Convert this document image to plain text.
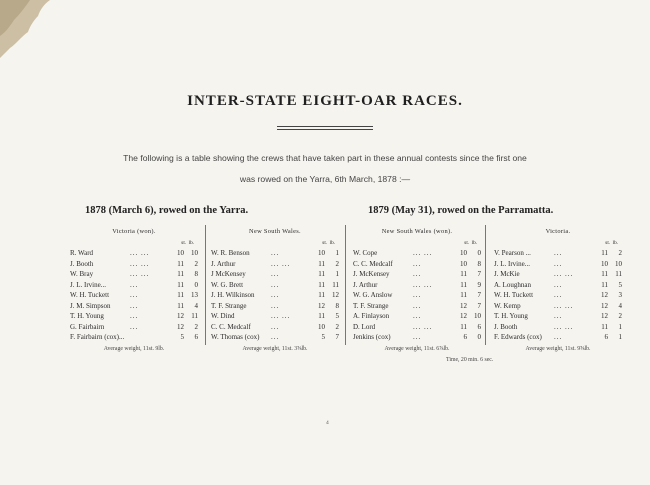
INTER-STATE EIGHT-OAR RACES.
The following is a table showing the crews that have taken part in these annual contests since the first one
was rowed on the Yarra, 6th March, 1878 :—
1878 (March 6), rowed on the Yarra.	1879 (May 31), rowed on the Parramatta.
Victoria (won).
st. lb.
R. Ward	... ...	10	10
J. Booth	... ...	11	2
W. Bray	... ...	11	8
J. L. Irvine...	...	11	0
W. H. Tuckett	...	11	13
J. M. Simpson	...	11	4
T. H. Young	...	12	11
G. Fairbairn	...	12	2
F. Fairbairn (cox)...	5	6
New South Wales.
st. lb.
W. R. Benson	...	10	1
J. Arthur	... ...	11	2
J McKensey	...	11	1
W. G. Brett	...	11	11
J. H. Wilkinson ...	11	12
T. F. Strange	...	12	8
W. Dind	... ...	11	5
C. C. Medcalf	...	10	2
W. Thomas (cox) ...	5	7
New South Wales (won).
st. lb.
W. Cope	... ...	10	0
C. C. Medcalf	...	10	8
J. McKensey	...	11	7
J. Arthur	... ...	11	9
W. G. Anslow	...	11	7
T. F. Strange	...	12	7
A. Finlayson	...	12	10
D. Lord	... ...	11	6
Jenkins (cox)	...	6	0
Victoria.
st. lb.
V. Pearson ...	...	11	2
J. L. Irvine...	...	10	10
J. McKie	... ...	11	11
A. Loughnan	...	11	5
W. H. Tuckett	...	12	3
W. Kemp	... ...	12	4
T. H. Young	...	12	2
J. Booth	... ...	11	1
F. Edwards (cox) ...	6	1
Average weight, 11st. 9lb.	Average weight, 11st. 3⅝lb.	Average weight, 11st. 6⅞lb.	Average weight, 11st. 9⅝lb.
Time, 20 min. 6 sec.
4
